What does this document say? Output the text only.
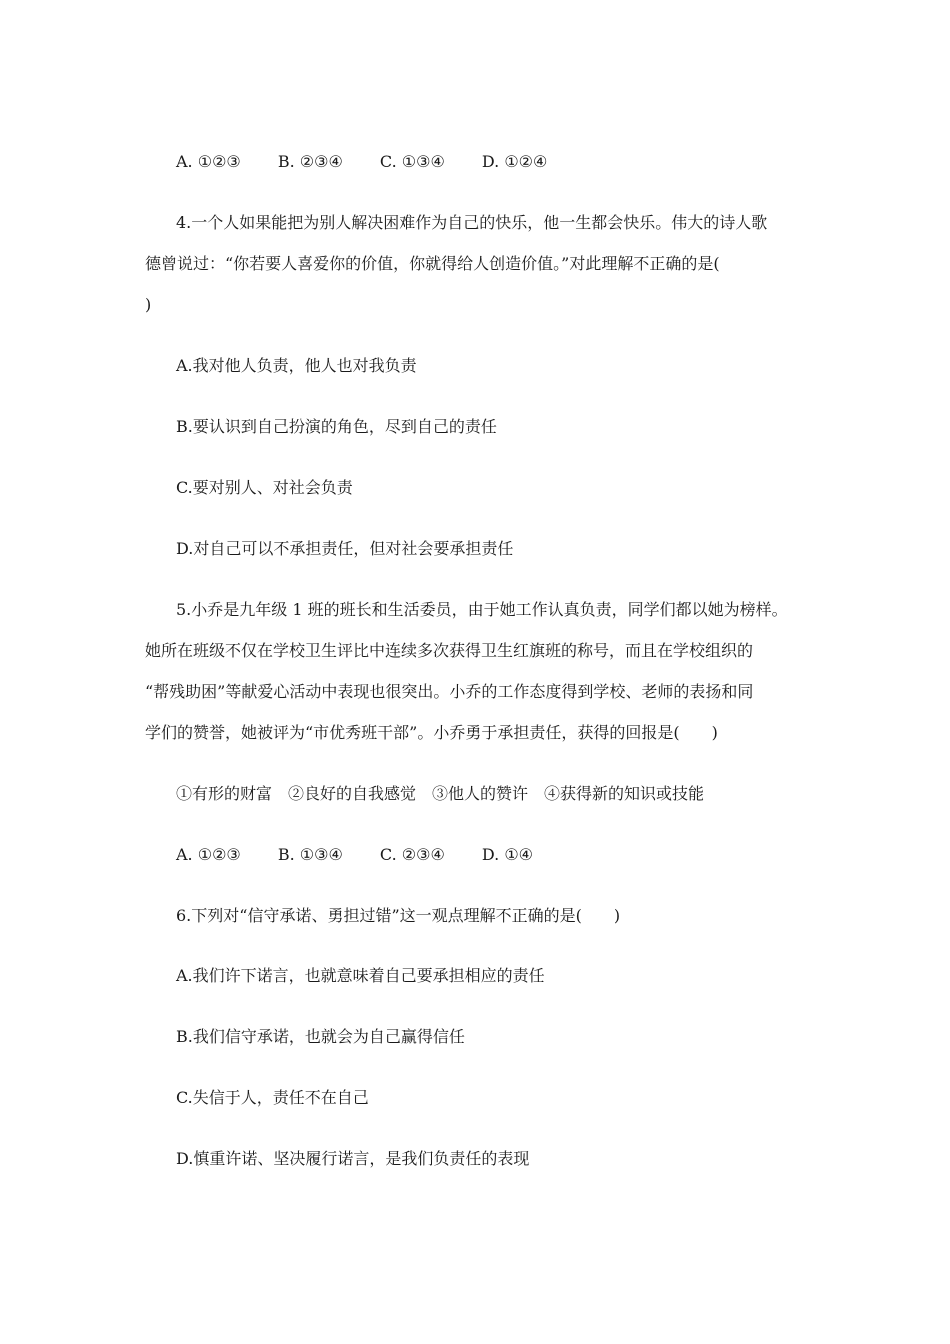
A. ①②③ B. ②③④ C. ①③④ D. ①②④
4.一个人如果能把为别人解决困难作为自己的快乐，他一生都会快乐。伟大的诗人歌
德曾说过：“你若要人喜爱你的价值，你就得给人创造价值。”对此理解不正确的是(
)
A.我对他人负责，他人也对我负责
B.要认识到自己扮演的角色，尽到自己的责任
C.要对别人、对社会负责
D.对自己可以不承担责任，但对社会要承担责任
5.小乔是九年级 1 班的班长和生活委员，由于她工作认真负责，同学们都以她为榜样。
她所在班级不仅在学校卫生评比中连续多次获得卫生红旗班的称号，而且在学校组织的
“帮残助困”等献爱心活动中表现也很突出。小乔的工作态度得到学校、老师的表扬和同
学们的赞誉，她被评为“市优秀班干部”。小乔勇于承担责任，获得的回报是(　　)
①有形的财富　②良好的自我感觉　③他人的赞许　④获得新的知识或技能
A. ①②③ B. ①③④ C. ②③④ D. ①④
6.下列对“信守承诺、勇担过错”这一观点理解不正确的是(　　)
A.我们许下诺言，也就意味着自己要承担相应的责任
B.我们信守承诺，也就会为自己赢得信任
C.失信于人，责任不在自己
D.慎重许诺、坚决履行诺言，是我们负责任的表现
